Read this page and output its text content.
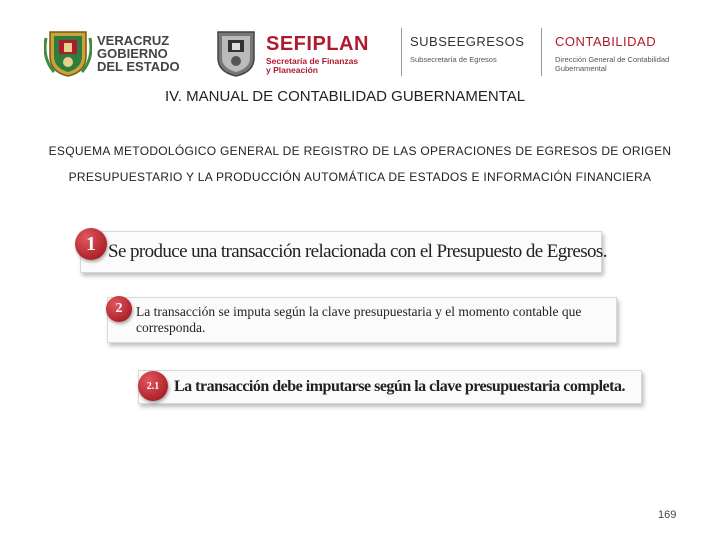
VERACRUZ
GOBIERNO
DEL ESTADO
SEFIPLAN
Secretaría de Finanzas
y Planeación
SUBSEEGRESOS
Subsecretaría de Egresos
CONTABILIDAD
Dirección General de Contabilidad Gubernamental
IV. MANUAL DE CONTABILIDAD GUBERNAMENTAL
ESQUEMA METODOLÓGICO GENERAL DE REGISTRO DE LAS OPERACIONES DE EGRESOS DE ORIGEN PRESUPUESTARIO Y LA PRODUCCIÓN AUTOMÁTICA DE ESTADOS E INFORMACIÓN FINANCIERA
Se produce una transacción relacionada con el Presupuesto de Egresos.
1
La transacción se imputa según la clave presupuestaria y el momento contable que corresponda.
2
La transacción debe imputarse según la clave presupuestaria completa.
2.1
169
